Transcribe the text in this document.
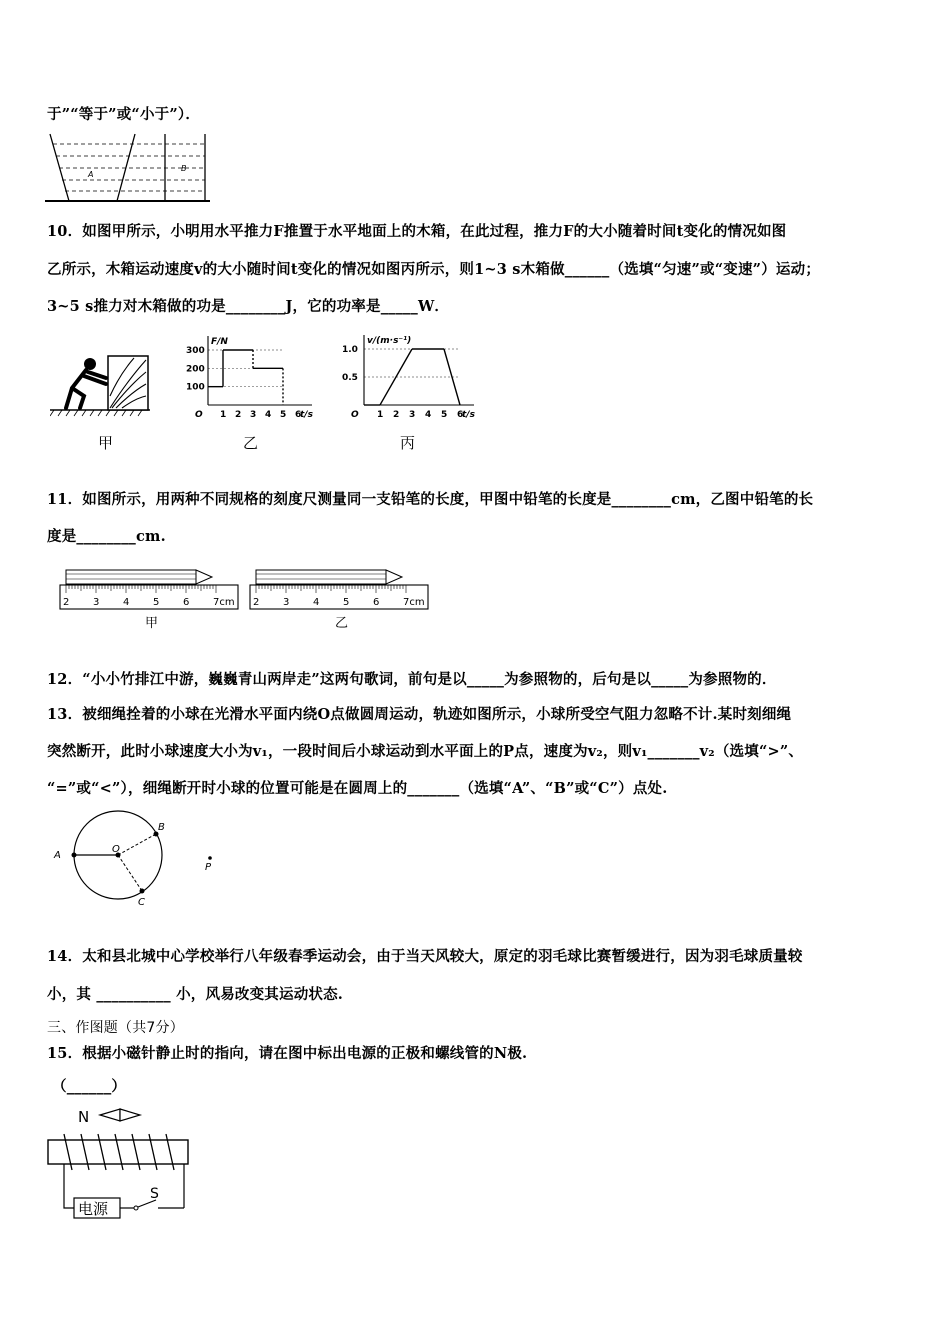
于”“等于”或“小于”）．
A
B
10．如图甲所示，小明用水平推力F推置于水平地面上的木箱，在此过程，推力F的大小随着时间t变化的情况如图
乙所示，木箱运动速度v的大小随时间t变化的情况如图丙所示，则1~3 s木箱做______（选填“匀速”或“变速”）运动；
3~5 s推力对木箱做的功是________J，它的功率是_____W．
甲
O
F/N
t/s
1 2 3 4 5 6
300
200
100
乙
O
v/(m·s⁻¹)
t/s
1 2 3 4 5 6
1.0
0.5
丙
11．如图所示，用两种不同规格的刻度尺测量同一支铅笔的长度，甲图中铅笔的长度是________cm，乙图中铅笔的长
度是________cm.
2 3 4 5 6 7cm 2 3 4 5 6 7cm
甲	乙
12．“小小竹排江中游，巍巍青山两岸走”这两句歌词，前句是以_____为参照物的，后句是以_____为参照物的．
13．被细绳拴着的小球在光滑水平面内绕O点做圆周运动，轨迹如图所示，小球所受空气阻力忽略不计.某时刻细绳
突然断开，此时小球速度大小为v₁，一段时间后小球运动到水平面上的P点，速度为v₂，则v₁_______v₂（选填“>”、
“=”或“<”），细绳断开时小球的位置可能是在圆周上的_______（选填“A”、“B”或“C”）点处.
A
O
B
C
P
14．太和县北城中心学校举行八年级春季运动会，由于当天风较大，原定的羽毛球比赛暂缓进行，因为羽毛球质量较
小，其 __________ 小，风易改变其运动状态.
三、作图题（共7分）
15．根据小磁针静止时的指向，请在图中标出电源的正极和螺线管的N极.
（______）
N
电源
S
